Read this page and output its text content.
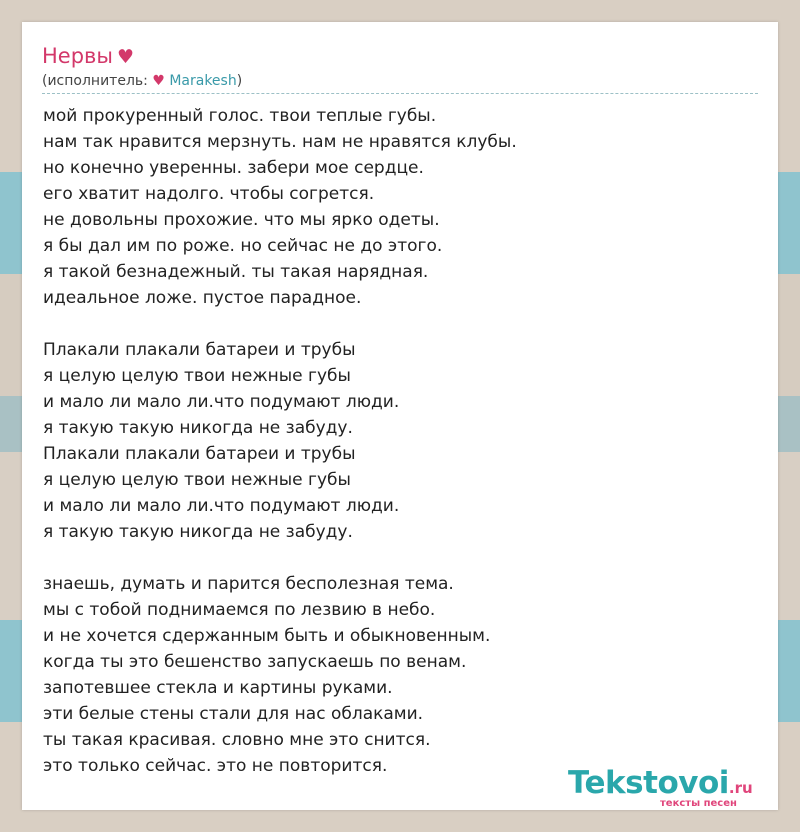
Нервы ♥
(исполнитель: ♥ Marakesh)
мой прокуренный голос. твои теплые губы.
нам так нравится мерзнуть. нам не нравятся клубы.
но конечно уверенны. забери мое сердце.
его хватит надолго. чтобы согрется.
не довольны прохожие. что мы ярко одеты.
я бы дал им по роже. но сейчас не до этого.
я такой безнадежный. ты такая нарядная.
идеальное ложе. пустое парадное.
Плакали плакали батареи и трубы
я целую целую твои нежные губы
и мало ли мало ли.что подумают люди.
я такую такую никогда не забуду.
Плакали плакали батареи и трубы
я целую целую твои нежные губы
и мало ли мало ли.что подумают люди.
я такую такую никогда не забуду.
знаешь, думать и парится бесполезная тема.
мы с тобой поднимаемся по лезвию в небо.
и не хочется сдержанным быть и обыкновенным.
когда ты это бешенство запускаешь по венам.
запотевшее стекла и картины руками.
эти белые стены стали для нас облаками.
ты такая красивая. словно мне это снится.
это только сейчас. это не повторится.	Tekstovoi.ru
тексты песен
